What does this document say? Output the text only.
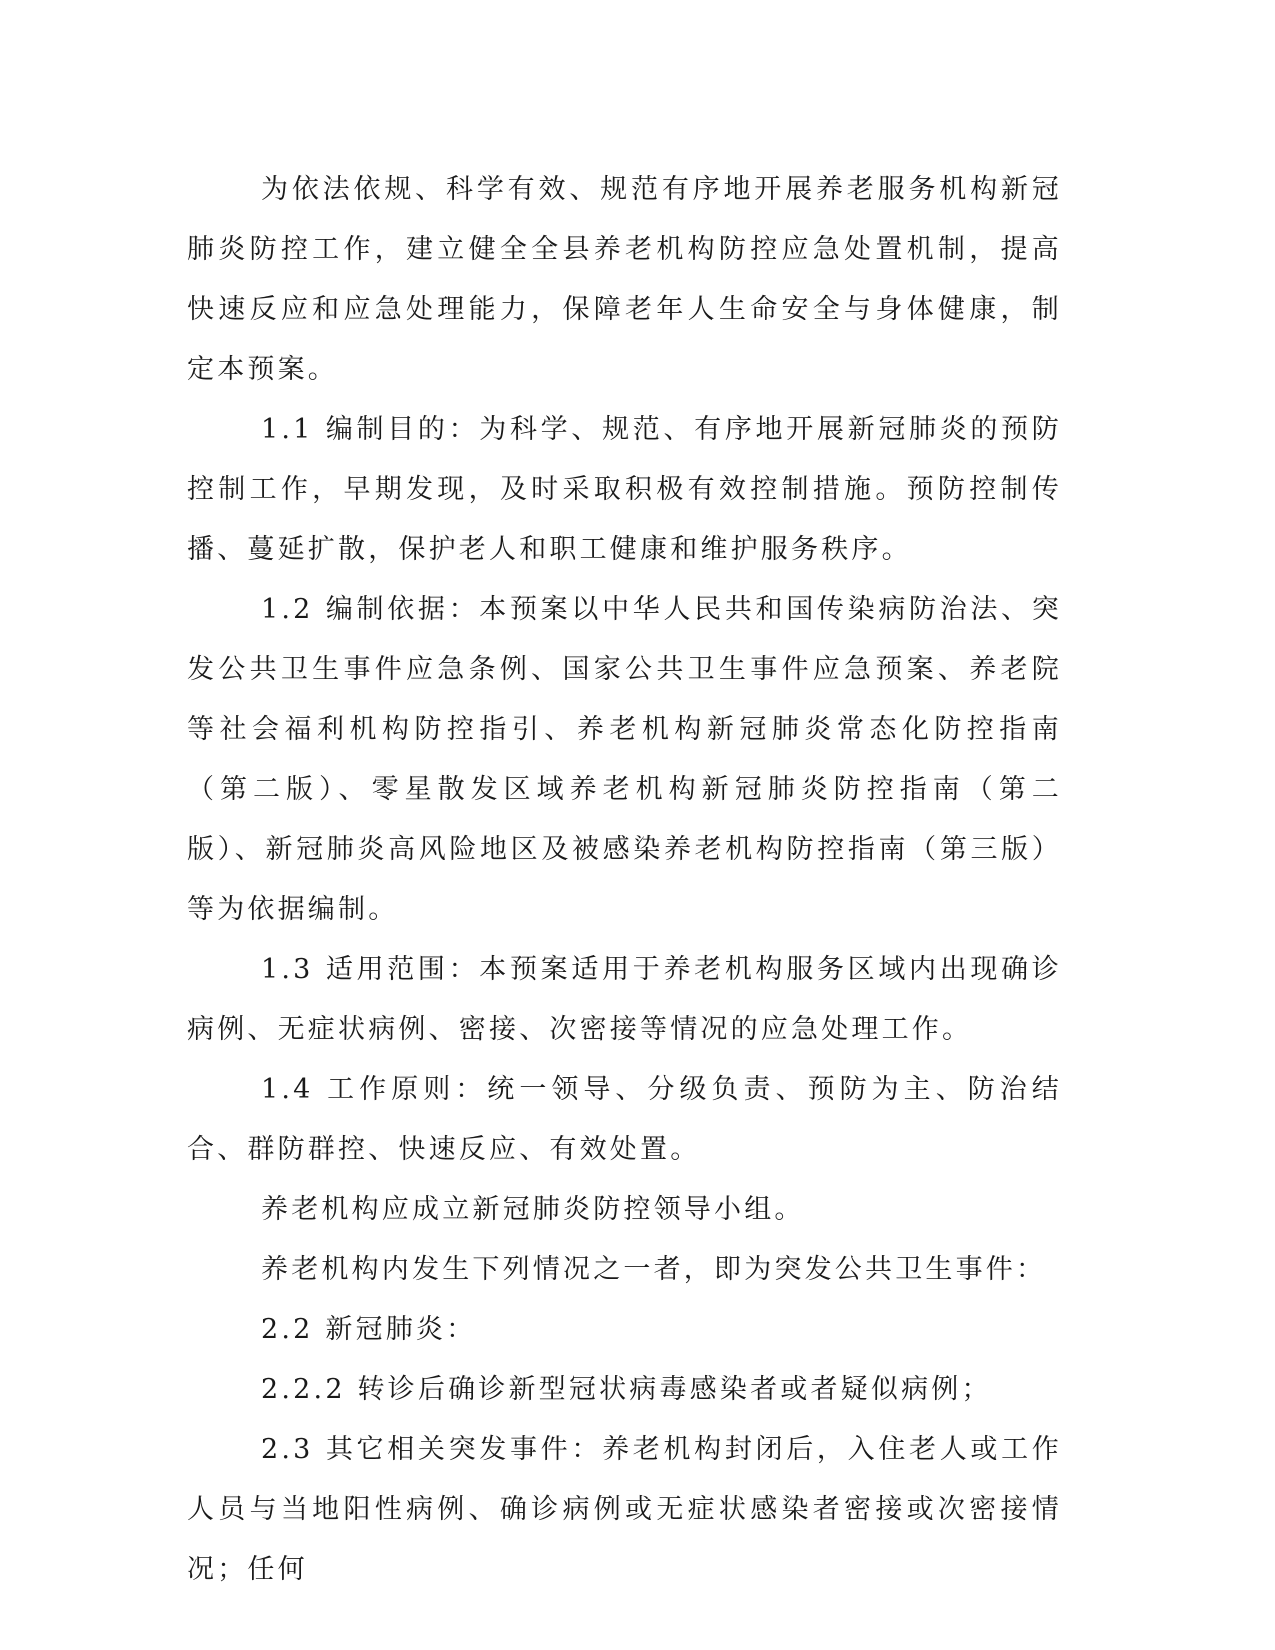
为依法依规、科学有效、规范有序地开展养老服务机构新冠肺炎防控工作，建立健全全县养老机构防控应急处置机制，提高快速反应和应急处理能力，保障老年人生命安全与身体健康，制定本预案。

1.1 编制目的：为科学、规范、有序地开展新冠肺炎的预防控制工作，早期发现，及时采取积极有效控制措施。预防控制传播、蔓延扩散，保护老人和职工健康和维护服务秩序。

1.2 编制依据：本预案以中华人民共和国传染病防治法、突发公共卫生事件应急条例、国家公共卫生事件应急预案、养老院等社会福利机构防控指引、养老机构新冠肺炎常态化防控指南（第二版）、零星散发区域养老机构新冠肺炎防控指南（第二版）、新冠肺炎高风险地区及被感染养老机构防控指南（第三版）等为依据编制。

1.3 适用范围：本预案适用于养老机构服务区域内出现确诊病例、无症状病例、密接、次密接等情况的应急处理工作。

1.4 工作原则：统一领导、分级负责、预防为主、防治结合、群防群控、快速反应、有效处置。

养老机构应成立新冠肺炎防控领导小组。

养老机构内发生下列情况之一者，即为突发公共卫生事件：

2.2 新冠肺炎：

2.2.2 转诊后确诊新型冠状病毒感染者或者疑似病例；

2.3 其它相关突发事件：养老机构封闭后，入住老人或工作人员与当地阳性病例、确诊病例或无症状感染者密接或次密接情况；任何
